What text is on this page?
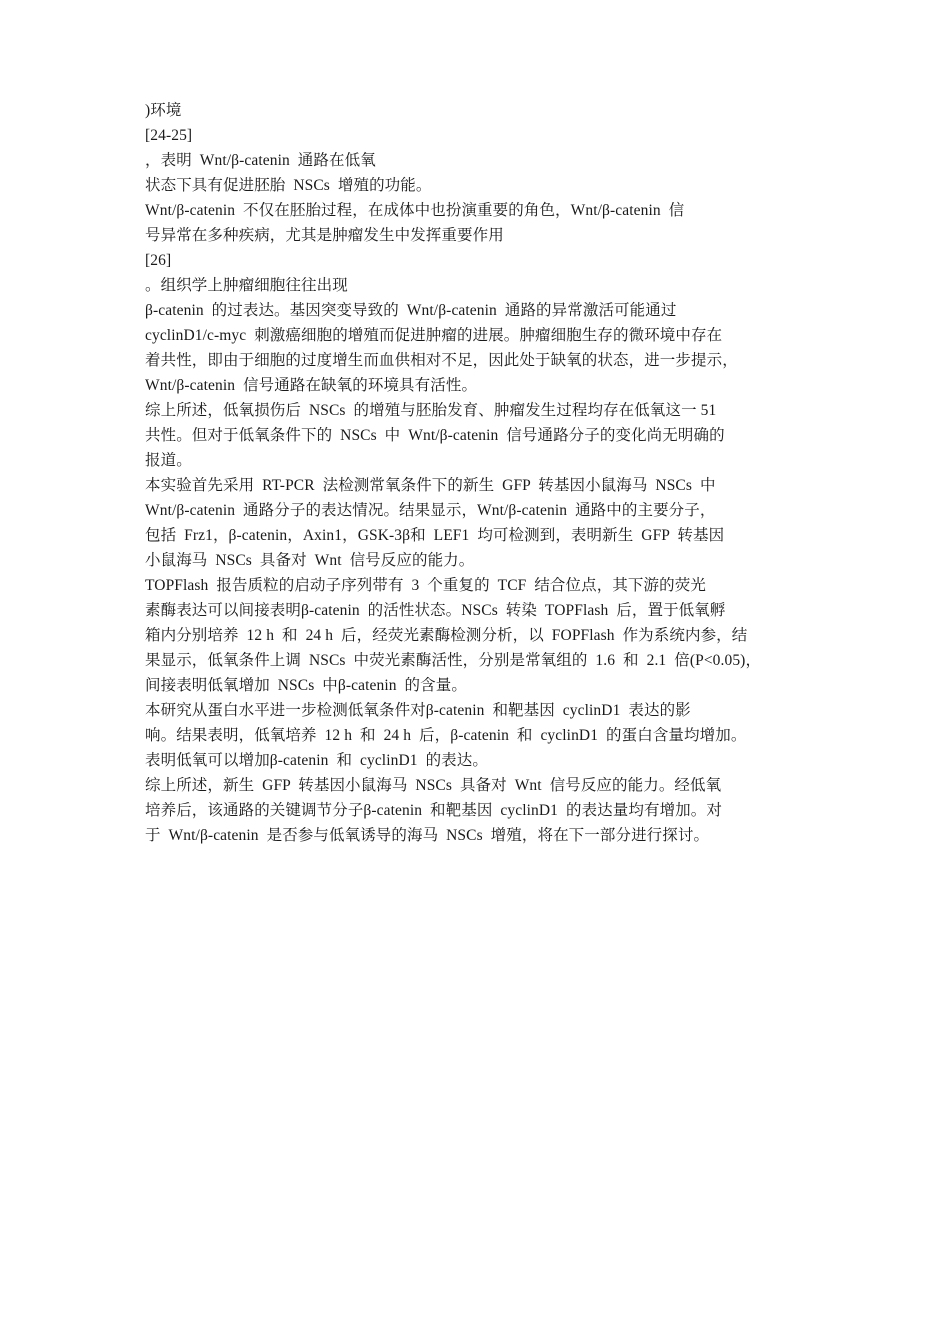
)环境
[24-25]
，表明  Wnt/β-catenin  通路在低氧
状态下具有促进胚胎  NSCs  增殖的功能。
Wnt/β-catenin  不仅在胚胎过程，在成体中也扮演重要的角色，Wnt/β-catenin  信
号异常在多种疾病，尤其是肿瘤发生中发挥重要作用
[26]
。组织学上肿瘤细胞往往出现
β-catenin  的过表达。基因突变导致的  Wnt/β-catenin  通路的异常激活可能通过
cyclinD1/c-myc  刺激癌细胞的增殖而促进肿瘤的进展。肿瘤细胞生存的微环境中存在
着共性，即由于细胞的过度增生而血供相对不足，因此处于缺氧的状态，进一步提示，
Wnt/β-catenin  信号通路在缺氧的环境具有活性。
综上所述，低氧损伤后  NSCs  的增殖与胚胎发育、肿瘤发生过程均存在低氧这一 51
共性。但对于低氧条件下的  NSCs  中  Wnt/β-catenin  信号通路分子的变化尚无明确的
报道。
本实验首先采用  RT-PCR  法检测常氧条件下的新生  GFP  转基因小鼠海马  NSCs  中
Wnt/β-catenin  通路分子的表达情况。结果显示，Wnt/β-catenin  通路中的主要分子，
包括  Frz1，β-catenin，Axin1，GSK-3β和  LEF1  均可检测到，表明新生  GFP  转基因
小鼠海马  NSCs  具备对  Wnt  信号反应的能力。
TOPFlash  报告质粒的启动子序列带有  3  个重复的  TCF  结合位点，其下游的荧光
素酶表达可以间接表明β-catenin  的活性状态。NSCs  转染  TOPFlash  后，置于低氧孵
箱内分别培养  12 h  和  24 h  后，经荧光素酶检测分析，以  FOPFlash  作为系统内参，结
果显示，低氧条件上调  NSCs  中荧光素酶活性，分别是常氧组的  1.6  和  2.1  倍(P<0.05)，
间接表明低氧增加  NSCs  中β-catenin  的含量。
本研究从蛋白水平进一步检测低氧条件对β-catenin  和靶基因  cyclinD1  表达的影
响。结果表明，低氧培养  12 h  和  24 h  后，β-catenin  和  cyclinD1  的蛋白含量均增加。
表明低氧可以增加β-catenin  和  cyclinD1  的表达。
综上所述，新生  GFP  转基因小鼠海马  NSCs  具备对  Wnt  信号反应的能力。经低氧
培养后，该通路的关键调节分子β-catenin  和靶基因  cyclinD1  的表达量均有增加。对
于  Wnt/β-catenin  是否参与低氧诱导的海马  NSCs  增殖，将在下一部分进行探讨。
